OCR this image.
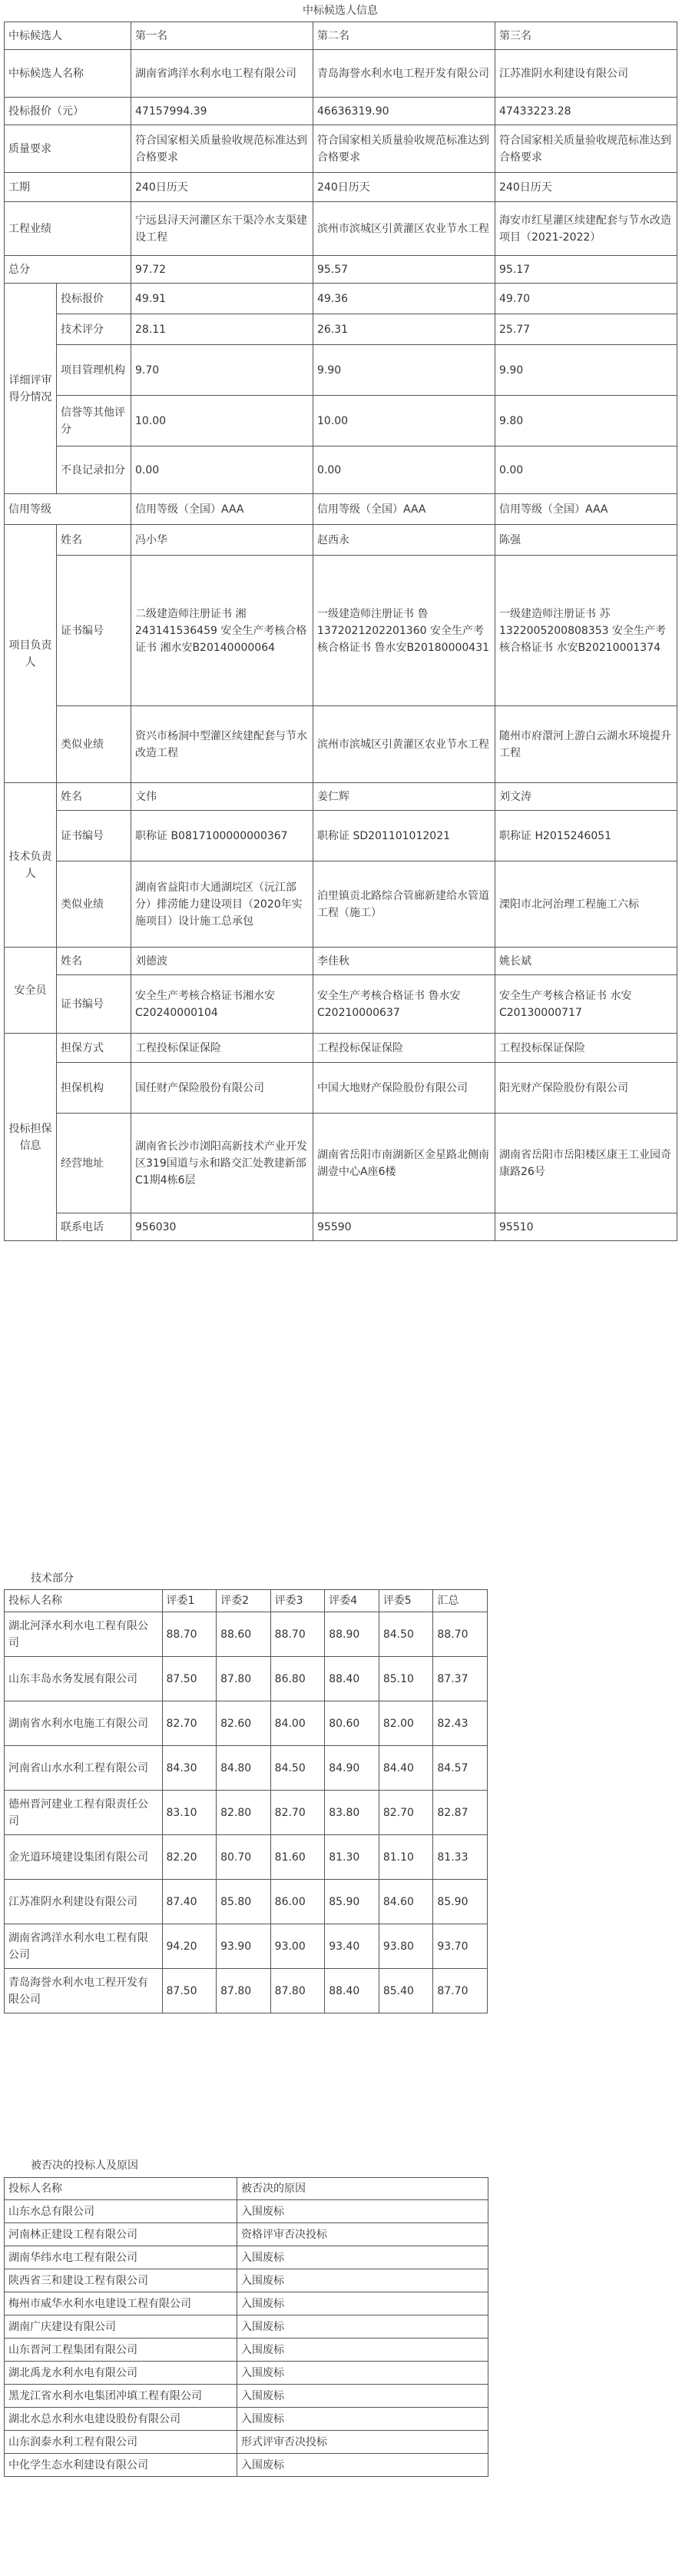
中标候选人信息
中标候选人		第一名	第二名	第三名
中标候选人名称		湖南省鸿洋水利水电工程有限公司	青岛海誉水利水电工程开发有限公司	江苏准阴水利建设有限公司
投标报价（元）		47157994.39	46636319.90	47433223.28
质量要求		符合国家相关质量验收规范标准达到合格要求	符合国家相关质量验收规范标准达到合格要求	符合国家相关质量验收规范标准达到合格要求
工期		240日历天	240日历天	240日历天
工程业绩		宁远县浔天河灌区东干渠冷水支渠建设工程	滨州市滨城区引黄灌区农业节水工程	海安市红星灌区续建配套与节水改造项目（2021-2022）
总分		97.72	95.57	95.17
详细评审得分情况	投标报价	49.91	49.36	49.70
	技术评分	28.11	26.31	25.77
	项目管理机构	9.70	9.90	9.90
	信誉等其他评分	10.00	10.00	9.80
	不良记录扣分	0.00	0.00	0.00
信用等级		信用等级（全国）AAA	信用等级（全国）AAA	信用等级（全国）AAA
项目负责人	姓名	冯小华	赵西永	陈强
	证书编号	二级建造师注册证书 湘243141536459 安全生产考核合格证书 湘水安B20140000064	一级建造师注册证书 鲁1372021202201360 安全生产考核合格证书 鲁水安B20180000431	一级建造师注册证书 苏1322005200808353 安全生产考核合格证书 水安B20210001374
	类似业绩	资兴市杨洞中型灌区续建配套与节水改造工程	滨州市滨城区引黄灌区农业节水工程	随州市府澴河上游白云湖水环境提升工程
技术负责人	姓名	文伟	姜仁辉	刘文涛
	证书编号	职称证 B0817100000000367	职称证 SD201101012021	职称证 H2015246051
	类似业绩	湖南省益阳市大通湖垸区（沅江部分）排涝能力建设项目（2020年实施项目）设计施工总承包	泊里镇贡北路综合管廊新建给水管道工程（施工）	溧阳市北河治理工程施工六标
安全员	姓名	刘德波	李佳秋	姚长斌
	证书编号	安全生产考核合格证书湘水安C20240000104	安全生产考核合格证书 鲁水安C20210000637	安全生产考核合格证书 水安C20130000717
投标担保信息	担保方式	工程投标保证保险	工程投标保证保险	工程投标保证保险
	担保机构	国任财产保险股份有限公司	中国大地财产保险股份有限公司	阳光财产保险股份有限公司
	经营地址	湖南省长沙市浏阳高新技术产业开发区319国道与永和路交汇处教建新部C1期4栋6层	湖南省岳阳市南湖新区金星路北侧南湖壹中心A座6楼	湖南省岳阳市岳阳楼区康王工业园奇康路26号
	联系电话	956030	95590	95510
技术部分
投标人名称	评委1	评委2	评委3	评委4	评委5	汇总
湖北河泽水利水电工程有限公司	88.70	88.60	88.70	88.90	84.50	88.70
山东丰岛水务发展有限公司	87.50	87.80	86.80	88.40	85.10	87.37
湖南省水利水电施工有限公司	82.70	82.60	84.00	80.60	82.00	82.43
河南省山水水利工程有限公司	84.30	84.80	84.50	84.90	84.40	84.57
德州晋河建业工程有限责任公司	83.10	82.80	82.70	83.80	82.70	82.87
金光道环境建设集团有限公司	82.20	80.70	81.60	81.30	81.10	81.33
江苏准阴水利建设有限公司	87.40	85.80	86.00	85.90	84.60	85.90
湖南省鸿洋水利水电工程有限公司	94.20	93.90	93.00	93.40	93.80	93.70
青岛海誉水利水电工程开发有限公司	87.50	87.80	87.80	88.40	85.40	87.70
被否决的投标人及原因
投标人名称	被否决的原因
山东水总有限公司	入围废标
河南林正建设工程有限公司	资格评审否决投标
湖南华纬水电工程有限公司	入围废标
陕西省三和建设工程有限公司	入围废标
梅州市威华水利水电建设工程有限公司	入围废标
湖南广庆建设有限公司	入围废标
山东晋河工程集团有限公司	入围废标
湖北禹龙水利水电有限公司	入围废标
黑龙江省水利水电集团冲填工程有限公司	入围废标
湖北水总水利水电建设股份有限公司	入围废标
山东润泰水利工程有限公司	形式评审否决投标
中化学生态水利建设有限公司	入围废标
